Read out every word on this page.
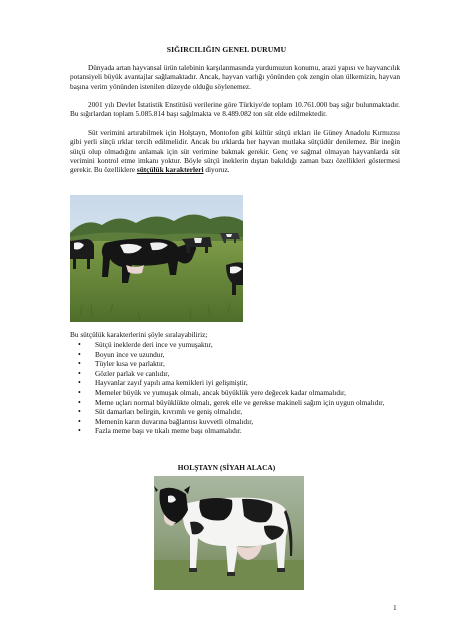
SIĞIRCILIĞIN GENEL DURUMU

Dünyada artan hayvansal ürün talebinin karşılanmasında yurdumuzun konumu, arazi yapısı ve hayvancılık potansiyeli büyük avantajlar sağlamaktadır. Ancak, hayvan varlığı yönünden çok zengin olan ülkemizin, hayvan başına verim yönünden istenilen düzeyde olduğu söylenemez.

2001 yılı Devlet İstatistik Enstitüsü verilerine göre Türkiye'de toplam 10.761.000 baş sığır bulunmaktadır. Bu sığırlardan toplam 5.085.814 başı sağılmakta ve 8.489.082 ton süt elde edilmektedir.

Süt verimini artırabilmek için Holştayn, Montofon gibi kültür sütçü ırkları ile Güney Anadolu Kırmızısı gibi yerli sütçü ırklar tercih edilmelidir. Ancak bu ırklarda her hayvan mutlaka sütçüdür denilemez. Bir ineğin sütçü olup olmadığını anlamak için süt verimine bakmak gerekir. Genç ve sağmal olmayan hayvanlarda süt verimini kontrol etme imkanı yoktur. Böyle sütçü ineklerin dıştan bakıldığı zaman bazı özellikleri göstermesi gerekir. Bu özelliklere sütçülük karakterleri diyoruz.

Bu sütçülük karakterlerini şöyle sıralayabiliriz;
• Sütçü ineklerde deri ince ve yumuşaktır,
• Boyun ince ve uzundur,
• Tüyler kısa ve parlaktır,
• Gözler parlak ve canlıdır,
• Hayvanlar zayıf yapılı ama kemikleri iyi gelişmiştir,
• Memeler büyük ve yumuşak olmalı, ancak büyüklük yere değecek kadar olmamalıdır,
• Meme uçları normal büyüklükte olmalı, gerek elle ve gerekse makineli sağım için uygun olmalıdır,
• Süt damarları belirgin, kıvrımlı ve geniş olmalıdır,
• Memenin karın duvarına bağlantısı kuvvetli olmalıdır,
• Fazla meme başı ve tıkalı meme başı olmamalıdır.
HOLŞTAYN (SİYAH ALACA)
1
